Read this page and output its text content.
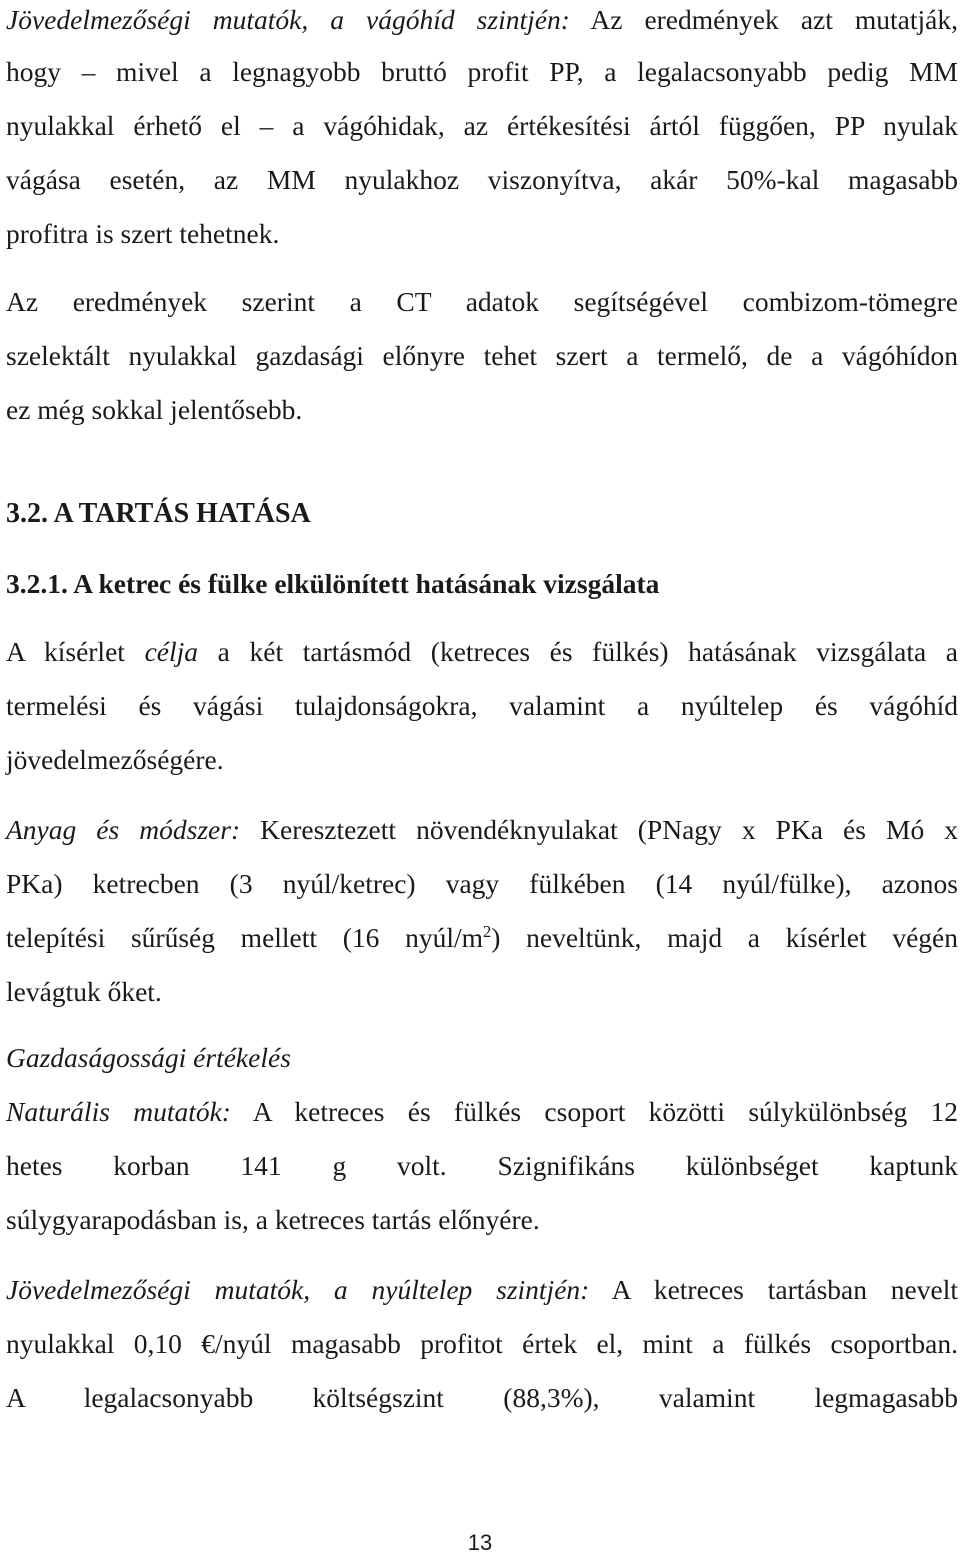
Jövedelmezőségi mutatók, a vágóhíd szintjén: Az eredmények azt mutatják,
hogy – mivel a legnagyobb bruttó profit PP, a legalacsonyabb pedig MM
nyulakkal érhető el – a vágóhidak, az értékesítési ártól függően, PP nyulak
vágása esetén, az MM nyulakhoz viszonyítva, akár 50%-kal magasabb
profitra is szert tehetnek.
Az eredmények szerint a CT adatok segítségével combizom-tömegre
szelektált nyulakkal gazdasági előnyre tehet szert a termelő, de a vágóhídon
ez még sokkal jelentősebb.
3.2. A TARTÁS HATÁSA
3.2.1. A ketrec és fülke elkülönített hatásának vizsgálata
A kísérlet célja a két tartásmód (ketreces és fülkés) hatásának vizsgálata a
termelési és vágási tulajdonságokra, valamint a nyúltelep és vágóhíd
jövedelmezőségére.
Anyag és módszer: Keresztezett növendéknyulakat (PNagy x PKa és Mó x
PKa) ketrecben (3 nyúl/ketrec) vagy fülkében (14 nyúl/fülke), azonos
telepítési sűrűség mellett (16 nyúl/$m^2$) neveltünk, majd a kísérlet végén
levágtuk őket.
Gazdaságossági értékelés
Naturális mutatók: A ketreces és fülkés csoport közötti súlykülönbség 12
hetes korban 141 g volt. Szignifikáns különbséget kaptunk
súlygyarapodásban is, a ketreces tartás előnyére.
Jövedelmezőségi mutatók, a nyúltelep szintjén: A ketreces tartásban nevelt
nyulakkal 0,10 €/nyúl magasabb profitot értek el, mint a fülkés csoportban.
A legalacsonyabb költségszint (88,3%), valamint legmagasabb
13
